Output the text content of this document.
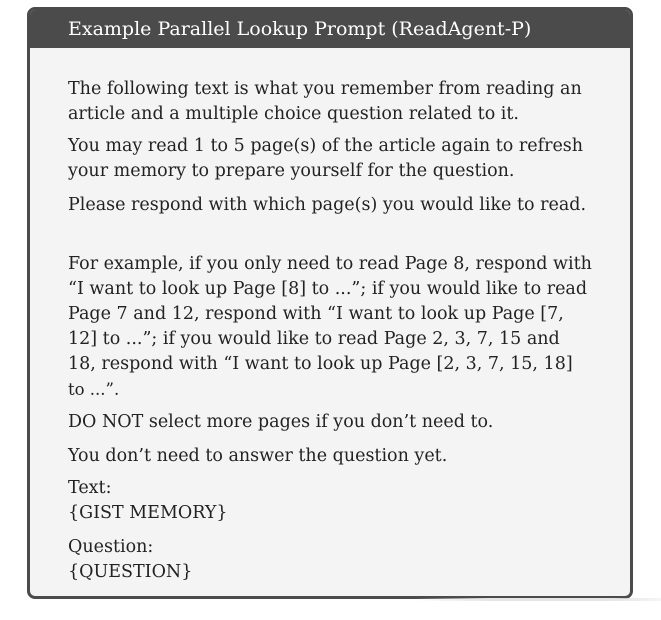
Example Parallel Lookup Prompt (ReadAgent-P)

The following text is what you remember from reading an
article and a multiple choice question related to it.

You may read 1 to 5 page(s) of the article again to refresh
your memory to prepare yourself for the question.

Please respond with which page(s) you would like to read.

For example, if you only need to read Page 8, respond with
“I want to look up Page [8] to ...”; if you would like to read
Page 7 and 12, respond with “I want to look up Page [7,
12] to ...”; if you would like to read Page 2, 3, 7, 15 and
18, respond with “I want to look up Page [2, 3, 7, 15, 18]
to ...”.

DO NOT select more pages if you don’t need to.

You don’t need to answer the question yet.

Text:
{GIST MEMORY}

Question:
{QUESTION}
